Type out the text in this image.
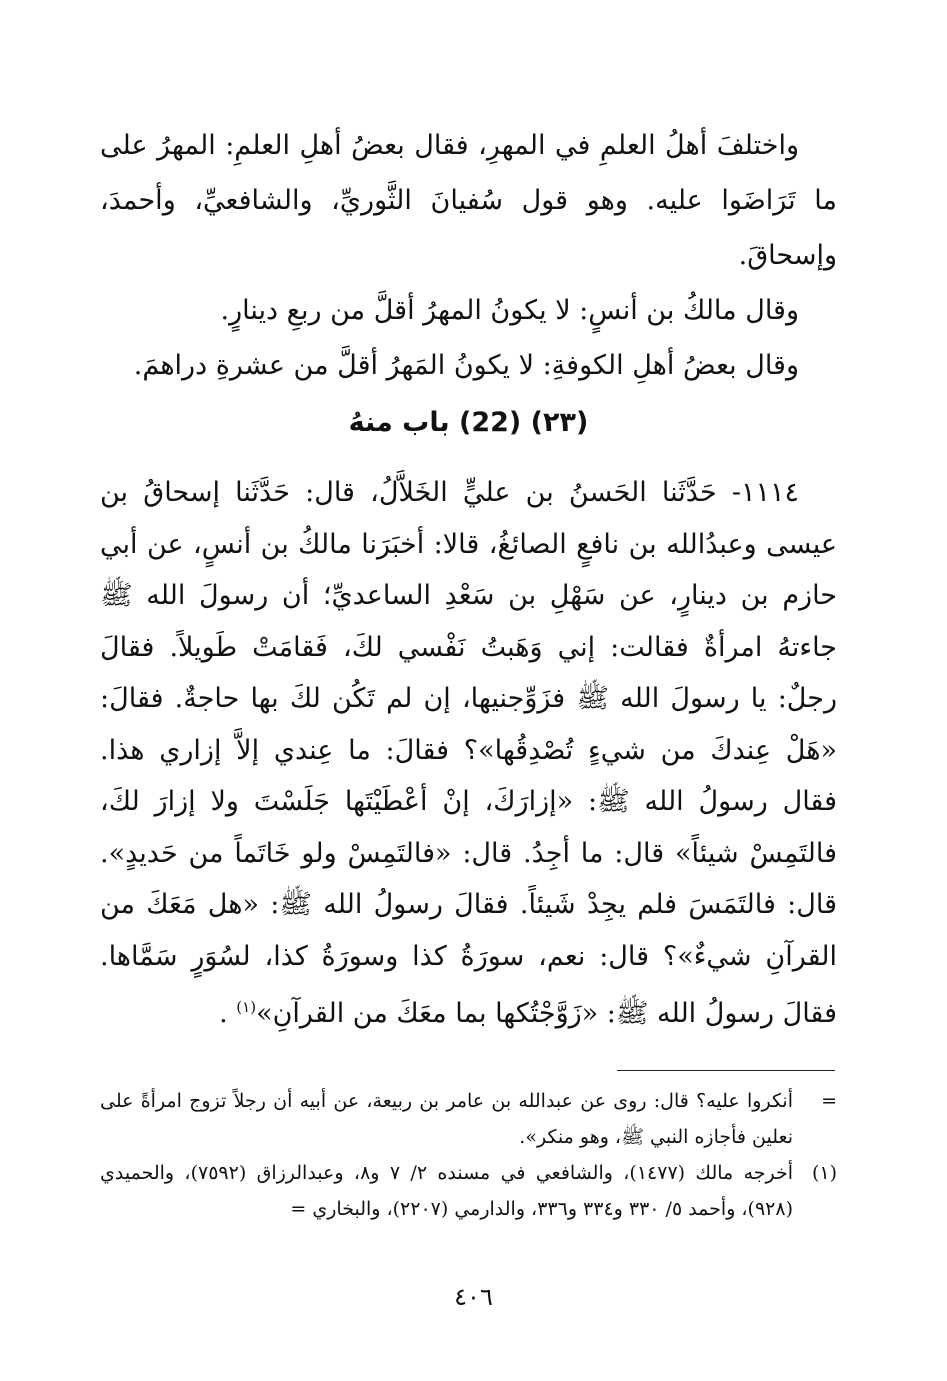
واختلفَ أهلُ العلمِ في المهرِ، فقال بعضُ أهلِ العلمِ: المهرُ على ما تَرَاضَوا عليه. وهو قول سُفيانَ الثَّوريِّ، والشافعيِّ، وأحمدَ، وإسحاقَ.

وقال مالكُ بن أنسٍ: لا يكونُ المهرُ أقلَّ من ربعِ دينارٍ.

وقال بعضُ أهلِ الكوفةِ: لا يكونُ المَهرُ أقلَّ من عشرةِ دراهمَ.

(٢٣) (22) باب منهُ

١١١٤- حَدَّثَنا الحَسنُ بن عليٍّ الخَلاَّلُ، قال: حَدَّثَنا إسحاقُ بن عيسى وعبدُالله بن نافعٍ الصائغُ، قالا: أخبَرَنا مالكُ بن أنسٍ، عن أبي حازم بن دينارٍ، عن سَهْلِ بن سَعْدِ الساعديِّ؛ أن رسولَ الله ﷺ جاءتهُ امرأةٌ فقالت: إني وَهَبتُ نَفْسي لكَ، فَقامَتْ طَويلاً. فقالَ رجلٌ: يا رسولَ الله ﷺ فزَوِّجنيها، إن لم تَكُن لكَ بها حاجةٌ. فقالَ: «هَلْ عِندكَ من شيءٍ تُصْدِقُها»؟ فقالَ: ما عِندي إلاَّ إزاري هذا. فقال رسولُ الله ﷺ: «إزارَكَ، إنْ أعْطَيْتَها جَلَسْتَ ولا إزارَ لكَ، فالتَمِسْ شيئاً» قال: ما أجِدُ. قال: «فالتَمِسْ ولو خَاتَماً من حَديدٍ». قال: فالتَمَسَ فلم يجِدْ شَيئاً. فقالَ رسولُ الله ﷺ: «هل مَعَكَ من القرآنِ شيءٌ»؟ قال: نعم، سورَةُ كذا وسورَةُ كذا، لسُوَرٍ سَمَّاها. فقالَ رسولُ الله ﷺ: «زَوَّجْتُكها بما معَكَ من القرآنِ»$^{(١)}$ .

=
أنكروا عليه؟ قال: روى عن عبدالله بن عامر بن ربيعة، عن أبيه أن رجلاً تزوج امرأةً على نعلين فأجازه النبي ﷺ، وهو منكر».
(١)
أخرجه مالك (١٤٧٧)، والشافعي في مسنده ٢/ ٧ و٨، وعبدالرزاق (٧٥٩٢)، والحميدي (٩٢٨)، وأحمد ٥/ ٣٣٠ و٣٣٤ و٣٣٦، والدارمي (٢٢٠٧)، والبخاري =
٤٠٦
